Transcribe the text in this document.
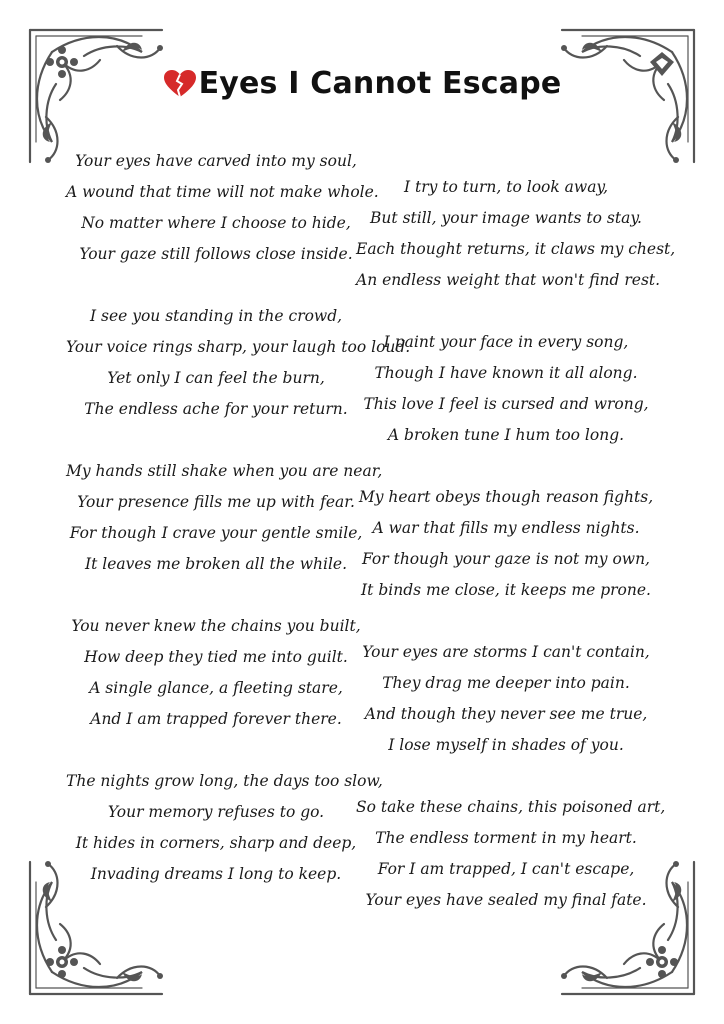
Eyes I Cannot Escape
Your eyes have carved into my soul,
A wound that time will not make whole.
No matter where I choose to hide,
Your gaze still follows close inside.
I see you standing in the crowd,
Your voice rings sharp, your laugh too loud.
Yet only I can feel the burn,
The endless ache for your return.
My hands still shake when you are near,
Your presence fills me up with fear.
For though I crave your gentle smile,
It leaves me broken all the while.
You never knew the chains you built,
How deep they tied me into guilt.
A single glance, a fleeting stare,
And I am trapped forever there.
The nights grow long, the days too slow,
Your memory refuses to go.
It hides in corners, sharp and deep,
Invading dreams I long to keep.
I try to turn, to look away,
But still, your image wants to stay.
Each thought returns, it claws my chest,
An endless weight that won't find rest.
I paint your face in every song,
Though I have known it all along.
This love I feel is cursed and wrong,
A broken tune I hum too long.
My heart obeys though reason fights,
A war that fills my endless nights.
For though your gaze is not my own,
It binds me close, it keeps me prone.
Your eyes are storms I can't contain,
They drag me deeper into pain.
And though they never see me true,
I lose myself in shades of you.
So take these chains, this poisoned art,
The endless torment in my heart.
For I am trapped, I can't escape,
Your eyes have sealed my final fate.
